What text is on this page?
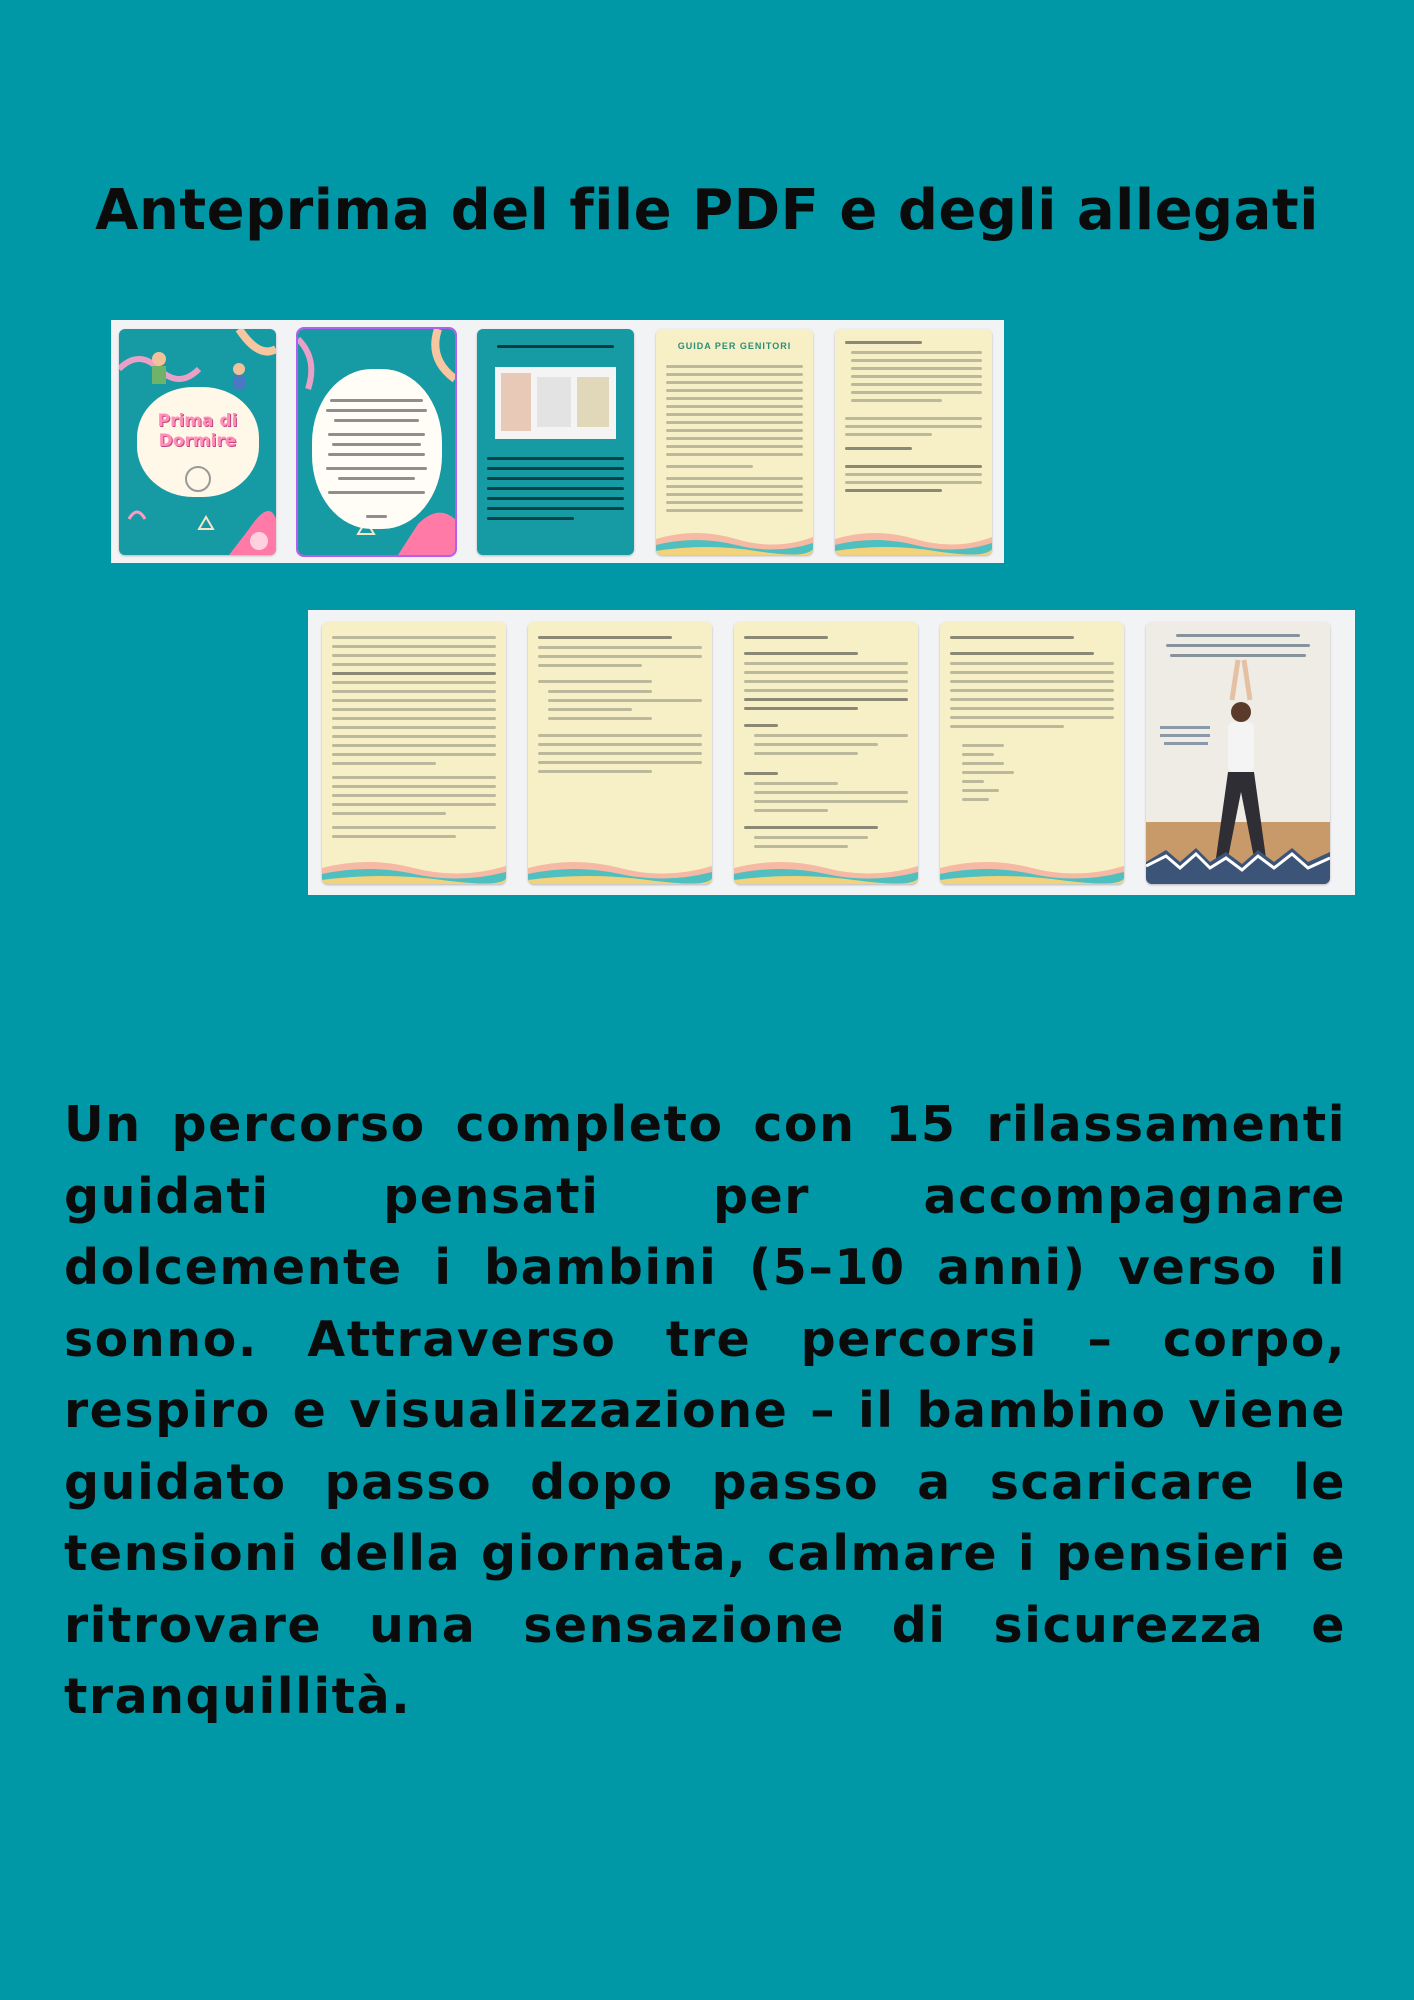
Anteprima del file PDF e degli allegati
Prima di Dormire
GUIDA PER GENITORI

Un percorso completo con 15 rilassamenti guidati pensati per accompagnare dolcemente i bambini (5–10 anni) verso il sonno. Attraverso tre percorsi – corpo, respiro e visualizzazione – il bambino viene guidato passo dopo passo a scaricare le tensioni della giornata, calmare i pensieri e ritrovare una sensazione di sicurezza e tranquillità.
